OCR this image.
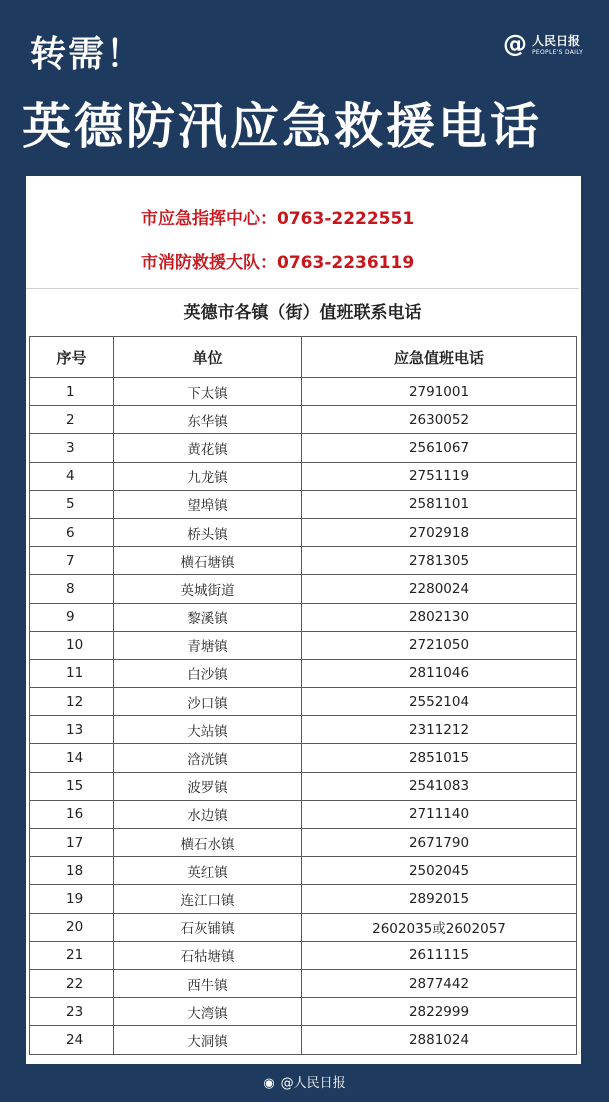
转需！
英德防汛应急救援电话
@ 人民日报
PEOPLE'S DAILY
市应急指挥中心：0763-2222551
市消防救援大队：0763-2236119
英德市各镇（街）值班联系电话
序号	单位	应急值班电话
1	下太镇	2791001
2	东华镇	2630052
3	黄花镇	2561067
4	九龙镇	2751119
5	望埠镇	2581101
6	桥头镇	2702918
7	横石塘镇	2781305
8	英城街道	2280024
9	黎溪镇	2802130
10	青塘镇	2721050
11	白沙镇	2811046
12	沙口镇	2552104
13	大站镇	2311212
14	浛洸镇	2851015
15	波罗镇	2541083
16	水边镇	2711140
17	横石水镇	2671790
18	英红镇	2502045
19	连江口镇	2892015
20	石灰铺镇	2602035或2602057
21	石牯塘镇	2611115
22	西牛镇	2877442
23	大湾镇	2822999
24	大洞镇	2881024
◉ @人民日报
